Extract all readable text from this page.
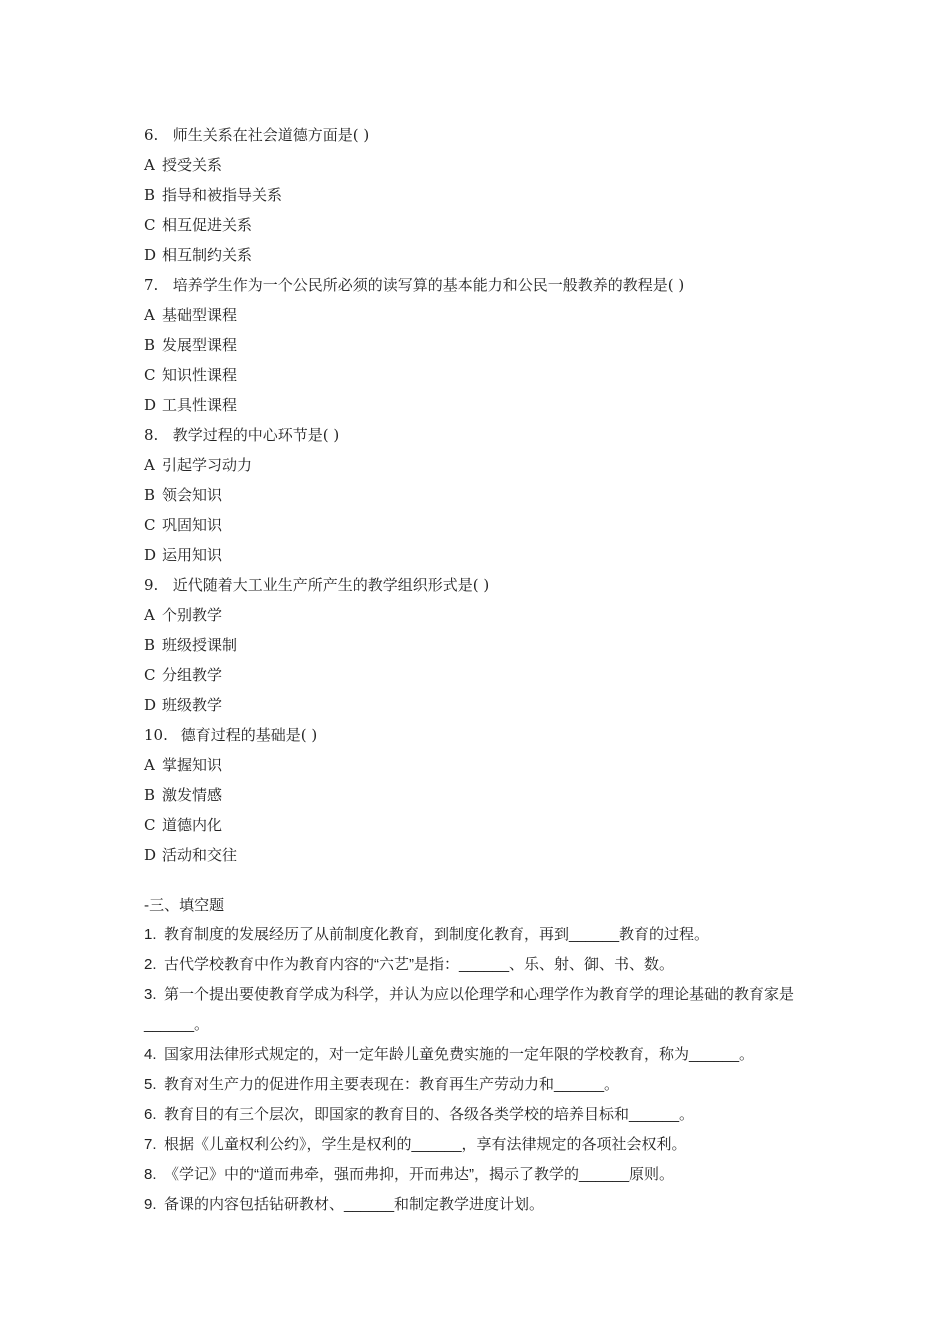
6. 师生关系在社会道德方面是( )
A 授受关系
B 指导和被指导关系
C 相互促进关系
D 相互制约关系
7. 培养学生作为一个公民所必须的读写算的基本能力和公民一般教养的教程是( )
A 基础型课程
B 发展型课程
C 知识性课程
D 工具性课程
8. 教学过程的中心环节是( )
A 引起学习动力
B 领会知识
C 巩固知识
D 运用知识
9. 近代随着大工业生产所产生的教学组织形式是( )
A 个别教学
B 班级授课制
C 分组教学
D 班级教学
10. 德育过程的基础是( )
A 掌握知识
B 激发情感
C 道德内化
D 活动和交往
-三、填空题
1. 教育制度的发展经历了从前制度化教育，到制度化教育，再到______教育的过程。
2. 古代学校教育中作为教育内容的“六艺”是指：______、乐、射、御、书、数。
3. 第一个提出要使教育学成为科学，并认为应以伦理学和心理学作为教育学的理论基础的教育家是______。
4. 国家用法律形式规定的，对一定年龄儿童免费实施的一定年限的学校教育，称为______。
5. 教育对生产力的促进作用主要表现在：教育再生产劳动力和______。
6. 教育目的有三个层次，即国家的教育目的、各级各类学校的培养目标和______。
7. 根据《儿童权利公约》，学生是权利的______，享有法律规定的各项社会权利。
8. 《学记》中的“道而弗牵，强而弗抑，开而弗达”，揭示了教学的______原则。
9. 备课的内容包括钻研教材、______和制定教学进度计划。
